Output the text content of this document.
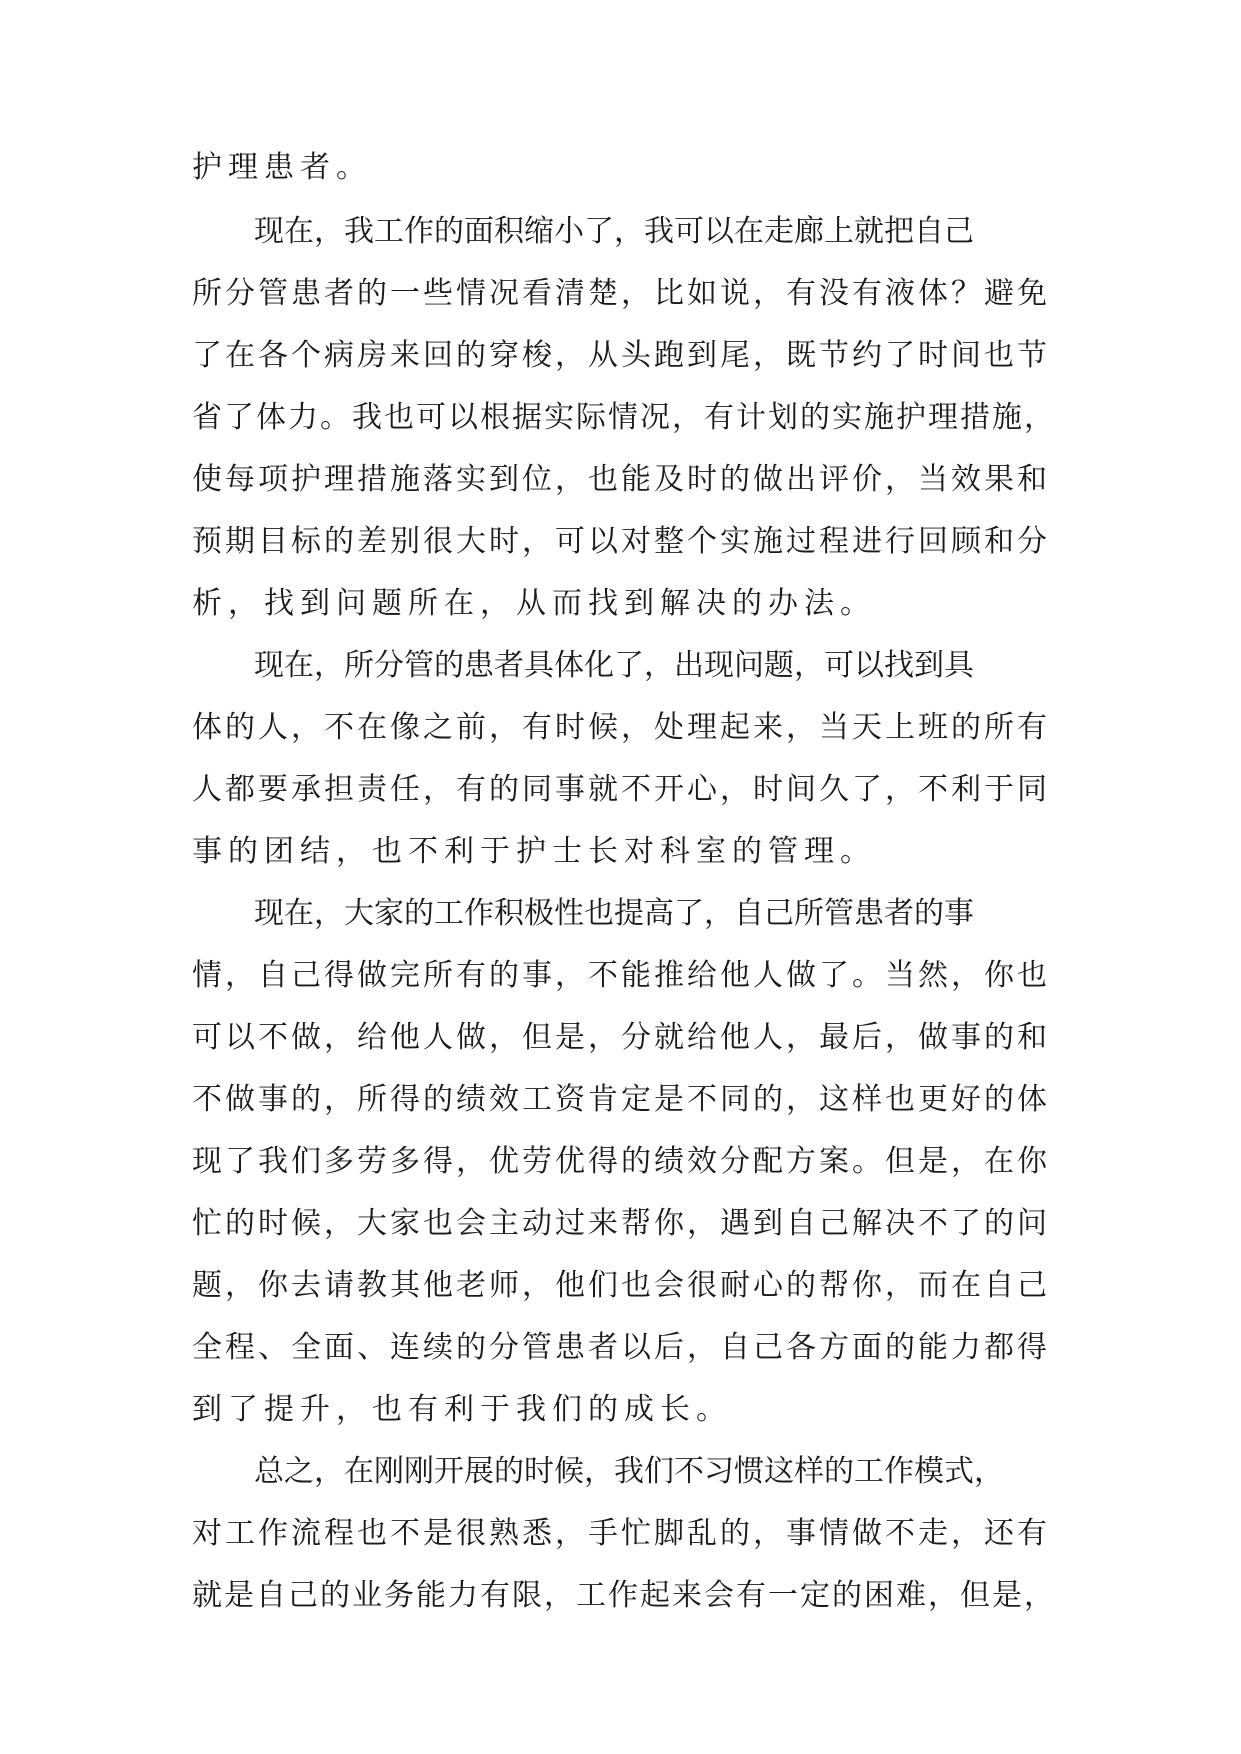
护理患者。
现在，我工作的面积缩小了，我可以在走廊上就把自己
所分管患者的一些情况看清楚，比如说，有没有液体？避免
了在各个病房来回的穿梭，从头跑到尾，既节约了时间也节
省了体力。我也可以根据实际情况，有计划的实施护理措施，
使每项护理措施落实到位，也能及时的做出评价，当效果和
预期目标的差别很大时，可以对整个实施过程进行回顾和分
析，找到问题所在，从而找到解决的办法。
现在，所分管的患者具体化了，出现问题，可以找到具
体的人，不在像之前，有时候，处理起来，当天上班的所有
人都要承担责任，有的同事就不开心，时间久了，不利于同
事的团结，也不利于护士长对科室的管理。
现在，大家的工作积极性也提高了，自己所管患者的事
情，自己得做完所有的事，不能推给他人做了。当然，你也
可以不做，给他人做，但是，分就给他人，最后，做事的和
不做事的，所得的绩效工资肯定是不同的，这样也更好的体
现了我们多劳多得，优劳优得的绩效分配方案。但是，在你
忙的时候，大家也会主动过来帮你，遇到自己解决不了的问
题，你去请教其他老师，他们也会很耐心的帮你，而在自己
全程、全面、连续的分管患者以后，自己各方面的能力都得
到了提升，也有利于我们的成长。
总之，在刚刚开展的时候，我们不习惯这样的工作模式，
对工作流程也不是很熟悉，手忙脚乱的，事情做不走，还有
就是自己的业务能力有限，工作起来会有一定的困难，但是，
